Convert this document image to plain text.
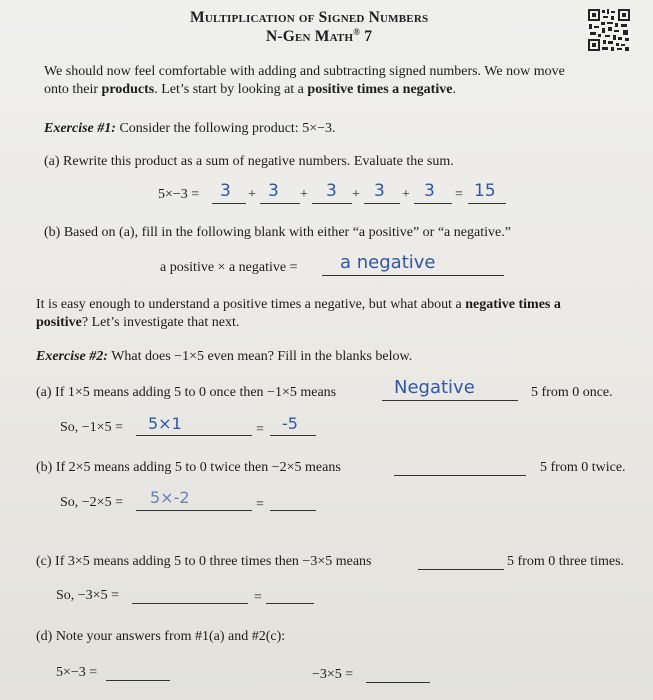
Multiplication of Signed Numbers
N-Gen Math® 7
We should now feel comfortable with adding and subtracting signed numbers. We now move
onto their products. Let’s start by looking at a positive times a negative.
Exercise #1: Consider the following product: 5×−3.
(a) Rewrite this product as a sum of negative numbers. Evaluate the sum.
5×−3 = 3 + 3 + 3 + 3 + 3 = 15
(b) Based on (a), fill in the following blank with either “a positive” or “a negative.”
a positive × a negative = a negative
It is easy enough to understand a positive times a negative, but what about a negative times a
positive? Let’s investigate that next.
Exercise #2: What does −1×5 even mean? Fill in the blanks below.
(a) If 1×5 means adding 5 to 0 once then −1×5 means	Negative	5 from 0 once.
So, −1×5 = 5×1	= -5
(b) If 2×5 means adding 5 to 0 twice then −2×5 means	5 from 0 twice.
So, −2×5 = 5×-2	=
(c) If 3×5 means adding 5 to 0 three times then −3×5 means	5 from 0 three times.
So, −3×5 =	=
(d) Note your answers from #1(a) and #2(c):
5×−3 =	−3×5 =
